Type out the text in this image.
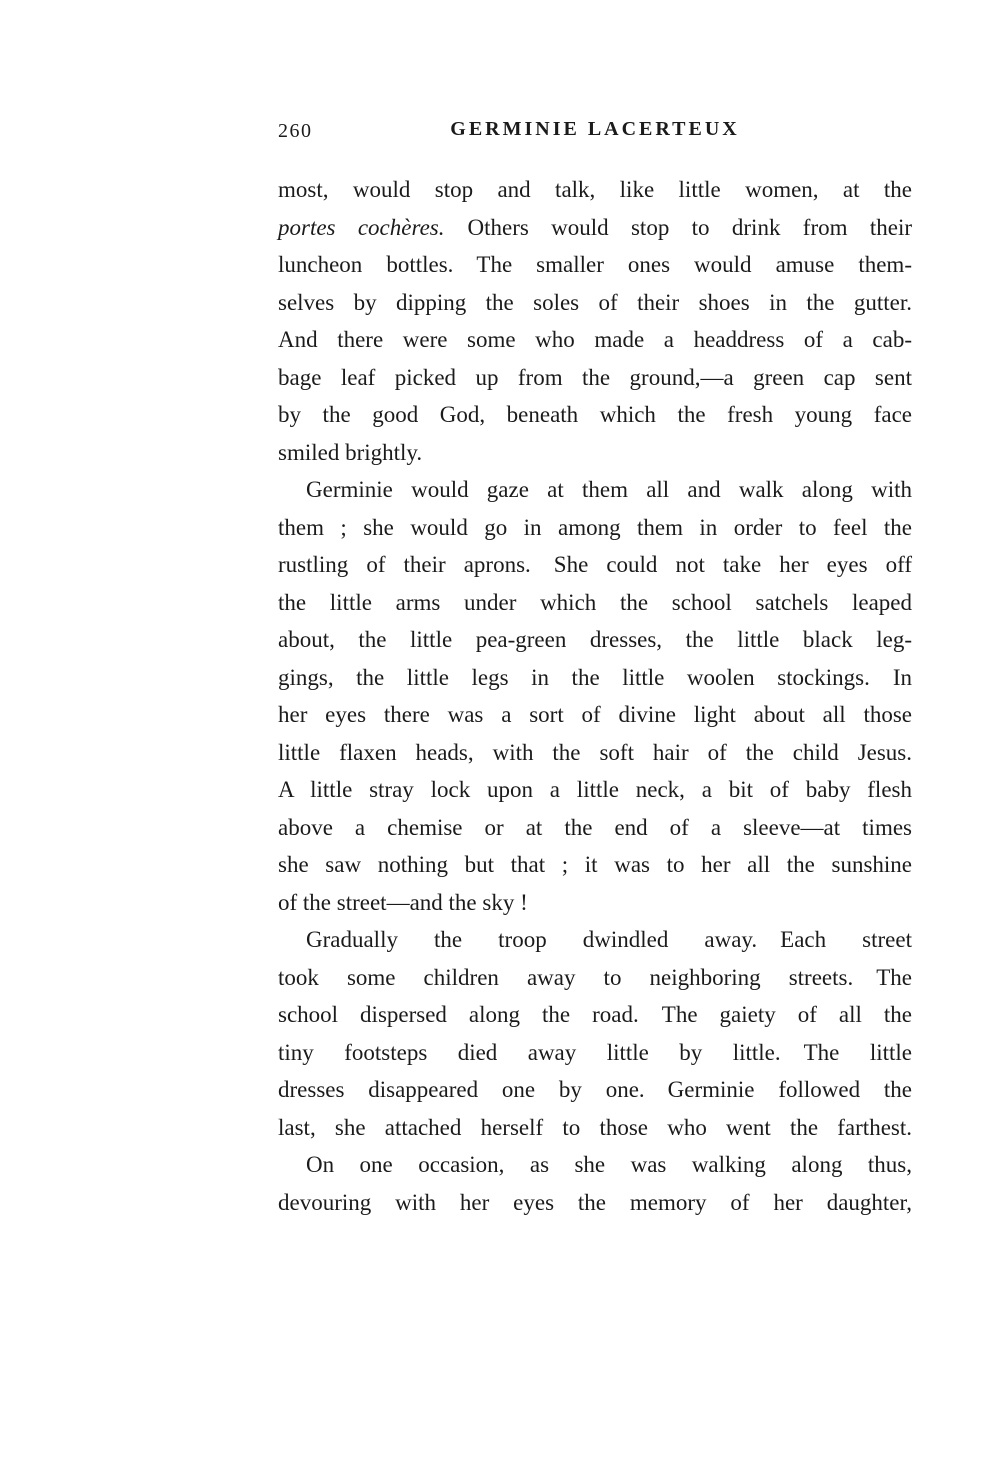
260	GERMINIE LACERTEUX
most, would stop and talk, like little women, at the
portes cochères. Others would stop to drink from their
luncheon bottles. The smaller ones would amuse them-
selves by dipping the soles of their shoes in the gutter.
And there were some who made a headdress of a cab-
bage leaf picked up from the ground,—a green cap sent
by the good God, beneath which the fresh young face
smiled brightly.
Germinie would gaze at them all and walk along with
them ; she would go in among them in order to feel the
rustling of their aprons. She could not take her eyes off
the little arms under which the school satchels leaped
about, the little pea-green dresses, the little black leg-
gings, the little legs in the little woolen stockings. In
her eyes there was a sort of divine light about all those
little flaxen heads, with the soft hair of the child Jesus.
A little stray lock upon a little neck, a bit of baby flesh
above a chemise or at the end of a sleeve—at times
she saw nothing but that ; it was to her all the sunshine
of the street—and the sky !
Gradually the troop dwindled away. Each street
took some children away to neighboring streets. The
school dispersed along the road. The gaiety of all the
tiny footsteps died away little by little. The little
dresses disappeared one by one. Germinie followed the
last, she attached herself to those who went the farthest.
On one occasion, as she was walking along thus,
devouring with her eyes the memory of her daughter,
